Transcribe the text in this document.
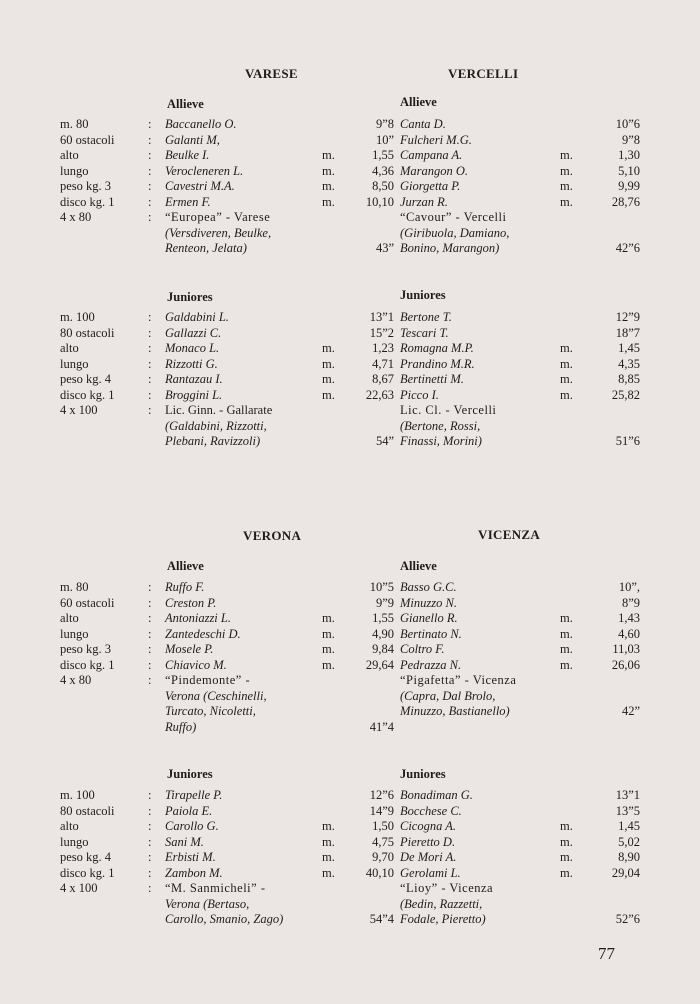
VARESE	VERCELLI
Allieve	Allieve
m. 80	: Baccanello O.	9”8 Canta D.	10”6
60 ostacoli	: Galanti M,	10” Fulcheri M.G.	9”8
alto	: Beulke I.	m.	1,55 Campana A.	m.	1,30
lungo	: Verocleneren L.	m.	4,36 Marangon O.	m.	5,10
peso kg. 3	: Cavestri M.A.	m.	8,50 Giorgetta P.	m.	9,99
disco kg. 1	: Ermen F.	m.	10,10 Jurzan R.	m.	28,76
4 x 80	: “Europea” - Varese	“Cavour” - Vercelli
(Versdiveren, Beulke,	(Giribuola, Damiano,
Renteon, Jelata)	43” Bonino, Marangon)	42”6
Juniores	Juniores
m. 100	: Galdabini L.	13”1 Bertone T.	12”9
80 ostacoli	: Gallazzi C.	15”2 Tescari T.	18”7
alto	: Monaco L.	m.	1,23 Romagna M.P.	m.	1,45
lungo	: Rizzotti G.	m.	4,71 Prandino M.R.	m.	4,35
peso kg. 4	: Rantazau I.	m.	8,67 Bertinetti M.	m.	8,85
disco kg. 1	: Broggini L.	m.	22,63 Picco I.	m.	25,82
4 x 100	: Lic. Ginn. - Gallarate	Lic. Cl. - Vercelli
(Galdabini, Rizzotti,	(Bertone, Rossi,
Plebani, Ravizzoli)	54” Finassi, Morini)	51”6
VERONA	VICENZA
Allieve	Allieve
m. 80	: Ruffo F.	10”5 Basso G.C.	10”,
60 ostacoli	: Creston P.	9”9 Minuzzo N.	8”9
alto	: Antoniazzi L.	m.	1,55 Gianello R.	m.	1,43
lungo	: Zantedeschi D.	m.	4,90 Bertinato N.	m.	4,60
peso kg. 3	: Mosele P.	m.	9,84 Coltro F.	m.	11,03
disco kg. 1	: Chiavico M.	m.	29,64 Pedrazza N.	m.	26,06
4 x 80	: “Pindemonte” -	“Pigafetta” - Vicenza
Verona (Ceschinelli,	(Capra, Dal Brolo,
Turcato, Nicoletti,	Minuzzo, Bastianello)	42”
Ruffo)	41”4
Juniores	Juniores
m. 100	: Tirapelle P.	12”6 Bonadiman G.	13”1
80 ostacoli	: Paiola E.	14”9 Bocchese C.	13”5
alto	: Carollo G.	m.	1,50 Cicogna A.	m.	1,45
lungo	: Sani M.	m.	4,75 Pieretto D.	m.	5,02
peso kg. 4	: Erbisti M.	m.	9,70 De Mori A.	m.	8,90
disco kg. 1	: Zambon M.	m.	40,10 Gerolami L.	m.	29,04
4 x 100	: “M. Sanmicheli” -	“Lioy” - Vicenza
Verona (Bertaso,	(Bedin, Razzetti,
Carollo, Smanio, Zago)	54”4 Fodale, Pieretto)	52”6
77
